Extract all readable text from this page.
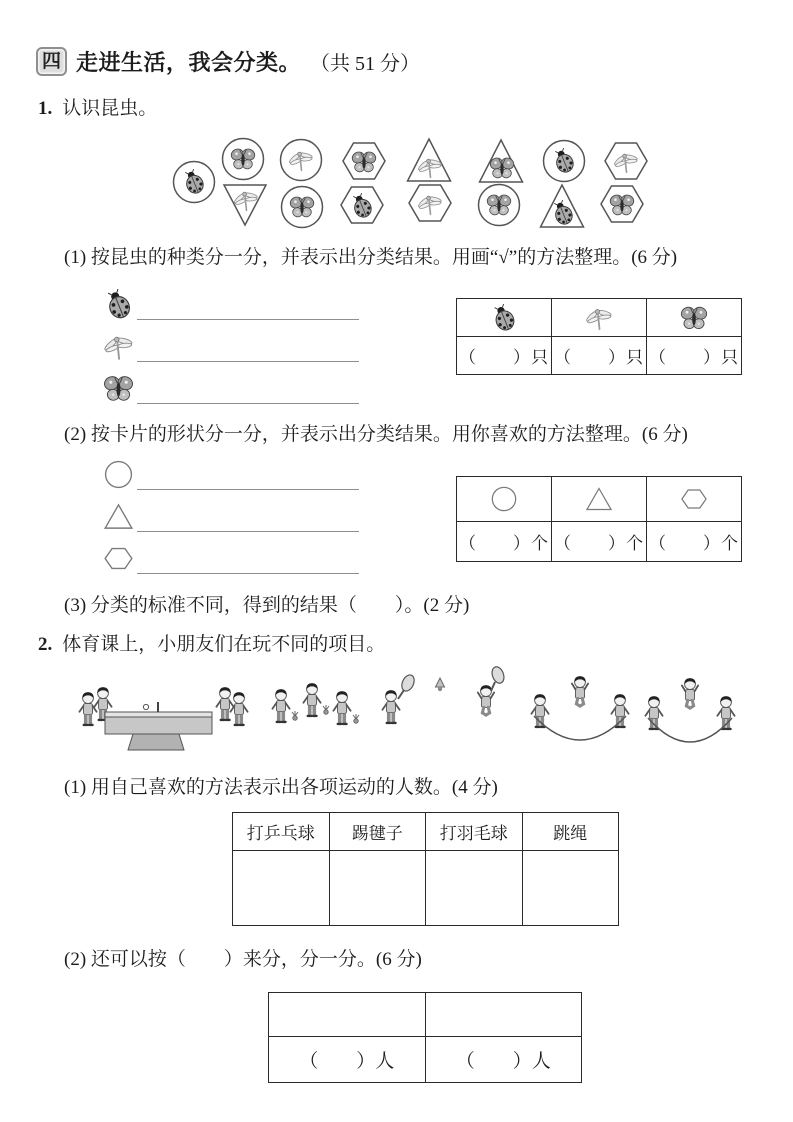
四 走进生活，我会分类。 （共 51 分）
1. 认识昆虫。
(1) 按昆虫的种类分一分，并表示出分类结果。用画“√”的方法整理。(6 分)

（　　）只	（　　）只	（　　）只
(2) 按卡片的形状分一分，并表示出分类结果。用你喜欢的方法整理。(6 分)

（　　）个	（　　）个	（　　）个
(3) 分类的标准不同，得到的结果（　　）。(2 分)
2. 体育课上，小朋友们在玩不同的项目。
(1) 用自己喜欢的方法表示出各项运动的人数。(4 分)
打乒乓球	踢毽子	打羽毛球	跳绳

(2) 还可以按（　　）来分，分一分。(6 分)

（　　）人	（　　）人
